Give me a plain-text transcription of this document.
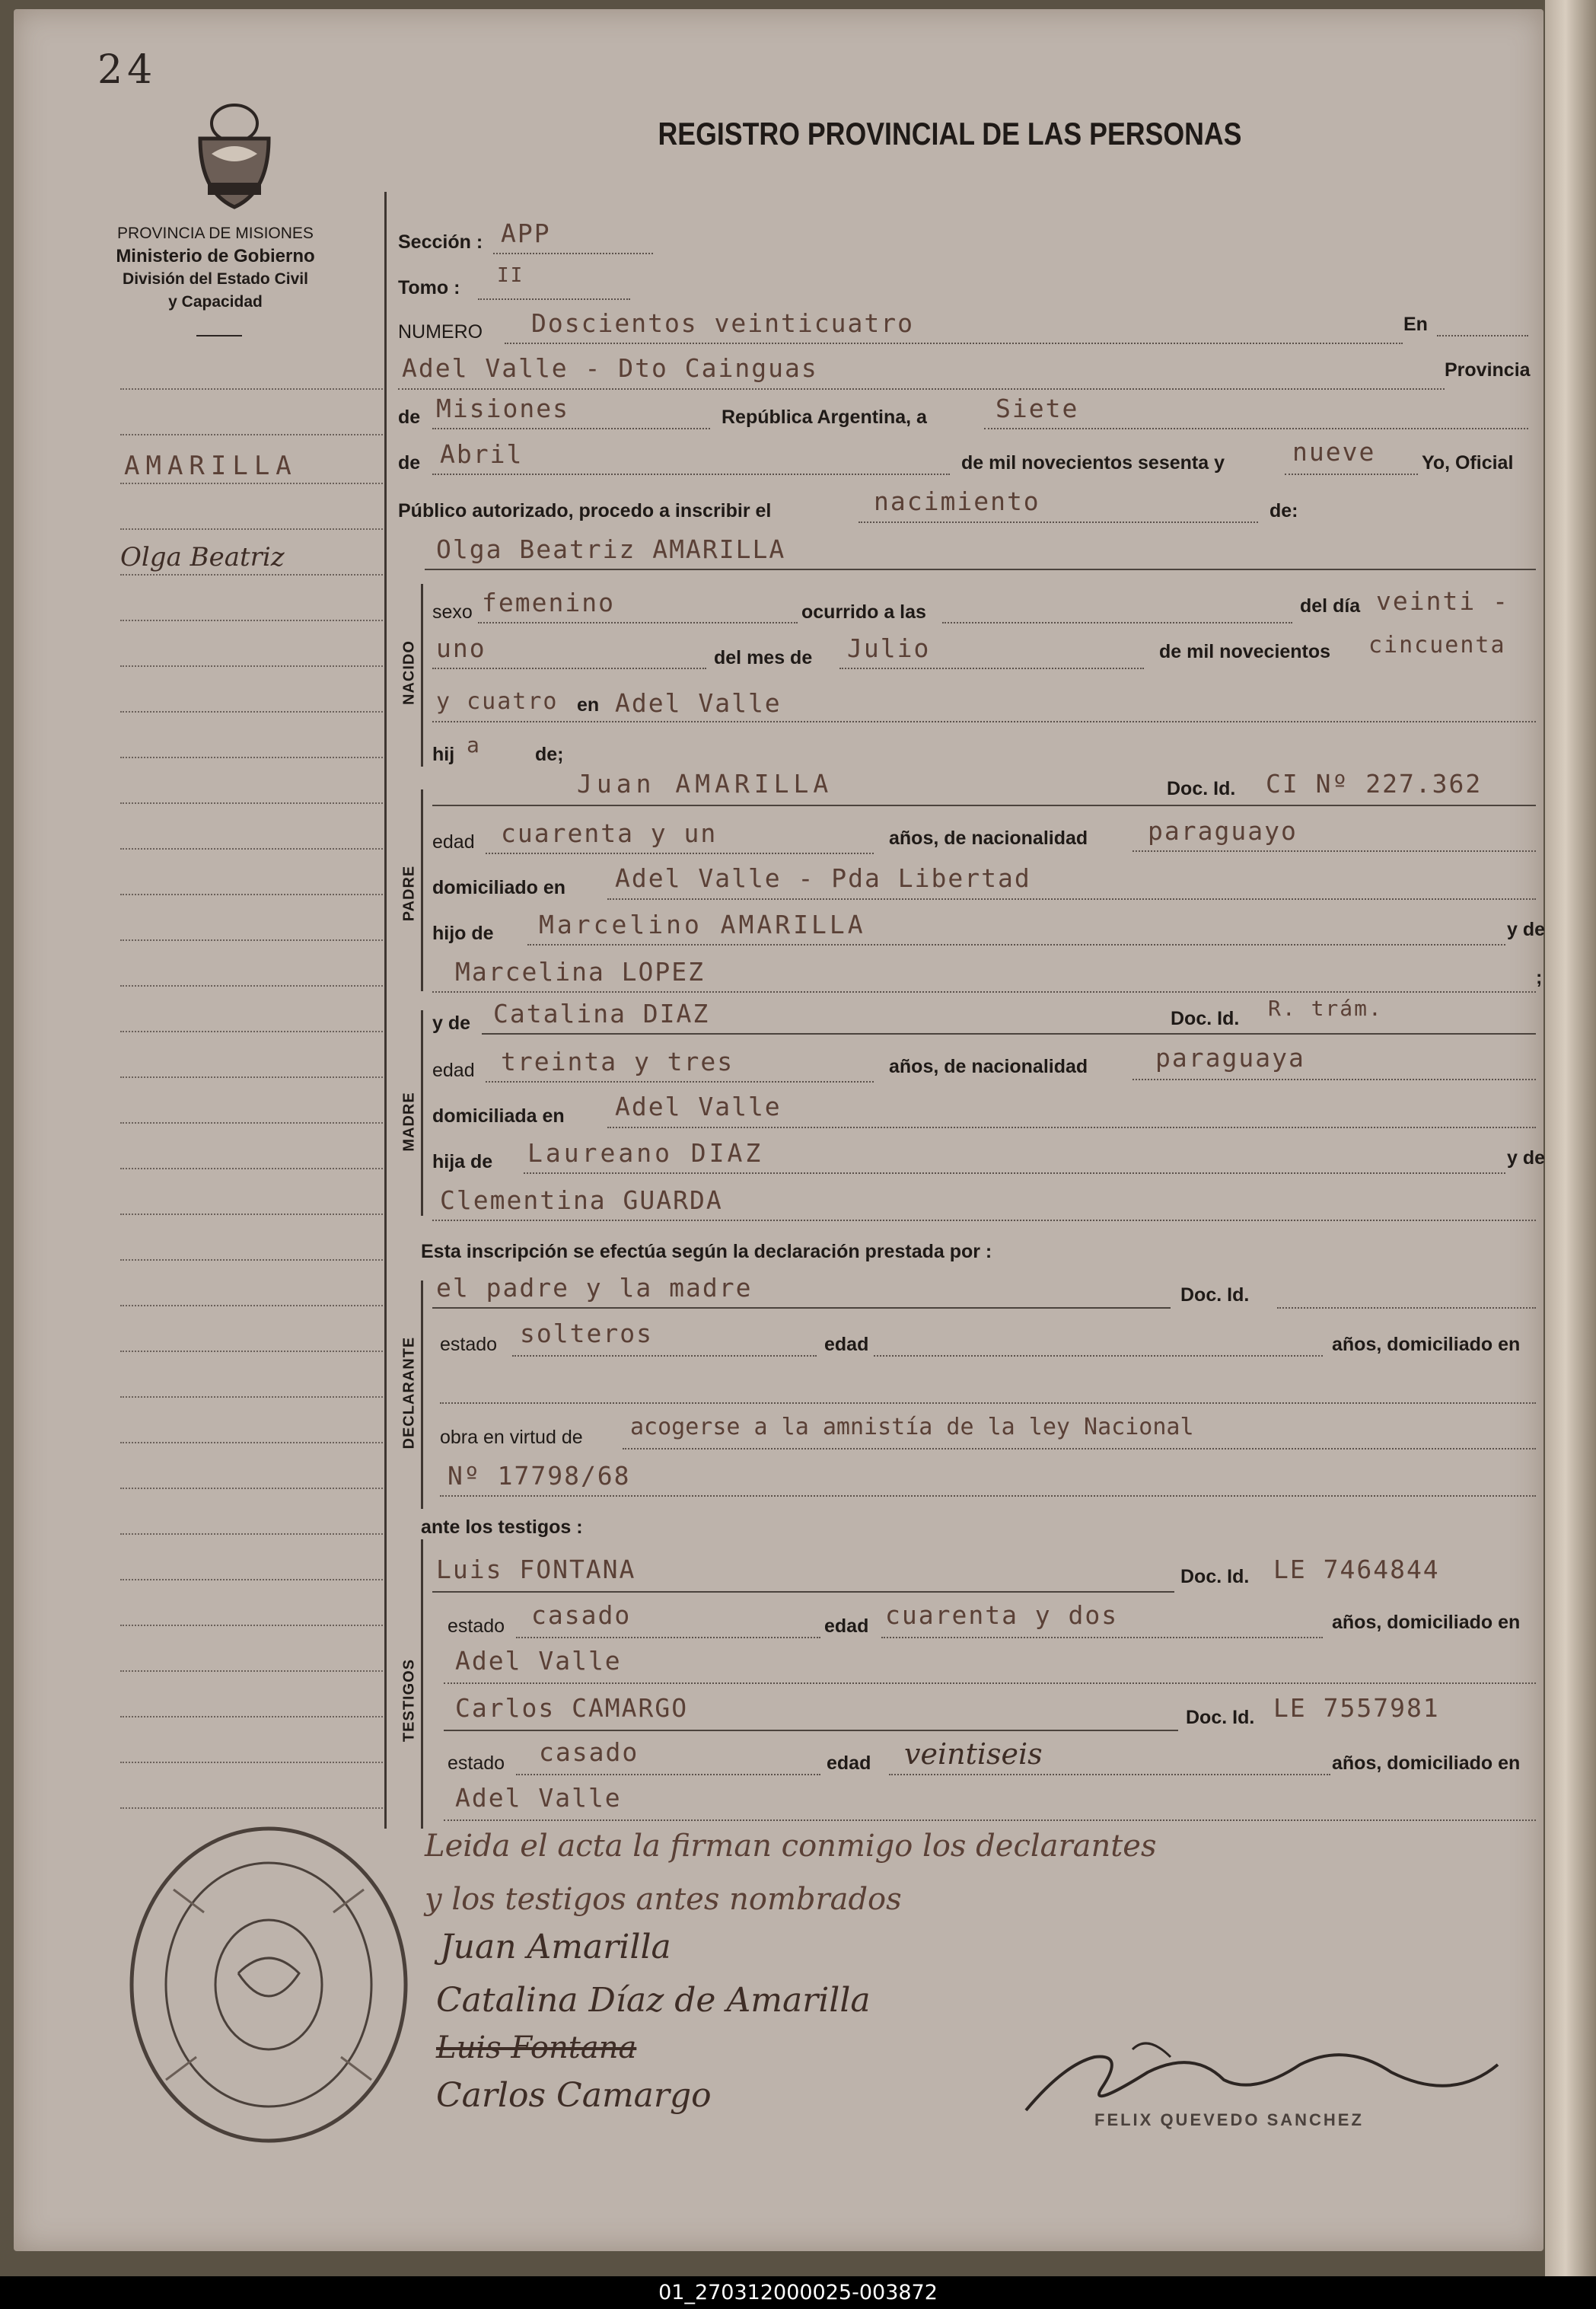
24
PROVINCIA DE MISIONES
Ministerio de Gobierno
División del Estado Civil
y Capacidad
REGISTRO PROVINCIAL DE LAS PERSONAS
AMARILLA
Olga Beatriz
NACIDO
PADRE
MADRE
DECLARANTE
TESTIGOS
Sección : APP
Tomo :
II
NUMERO Doscientos veinticuatro	En
Adel Valle - Dto Cainguas	Provincia
de Misiones	República Argentina, a	Siete
de Abril	de mil novecientos sesenta y	nueve Yo, Oficial
Público autorizado, procedo a inscribir el	nacimiento	de:
Olga Beatriz AMARILLA
sexo femenino	ocurrido a las	del día veinti -
uno	del mes de Julio	de mil novecientos cincuenta
y cuatro en Adel Valle
hij a	de;
Juan AMARILLA	Doc. Id. CI Nº 227.362
edad cuarenta y un	años, de nacionalidad paraguayo
domiciliado en Adel Valle - Pda Libertad
hijo de Marcelino AMARILLA	y de
Marcelina LOPEZ	;
y de Catalina DIAZ	Doc. Id. R. trám.
edad treinta y tres	años, de nacionalidad	paraguaya
domiciliada en Adel Valle
hija de Laureano DIAZ	y de
Clementina GUARDA
Esta inscripción se efectúa según la declaración prestada por :
el padre y la madre	Doc. Id.
estado solteros	edad	años, domiciliado en
obra en virtud de acogerse a la amnistía de la ley Nacional
Nº 17798/68
ante los testigos :
Luis FONTANA	Doc. Id. LE 7464844
estado casado	edad cuarenta y dos	años, domiciliado en
Adel Valle
Carlos CAMARGO	Doc. Id. LE 7557981
estado casado	edad veintiseis	años, domiciliado en
Adel Valle
Leida el acta la firman conmigo los declarantes
y los testigos antes nombrados
Juan Amarilla
Catalina Díaz de Amarilla
Luis Fontana
Carlos Camargo
FELIX QUEVEDO SANCHEZ
01_270312000025-003872
